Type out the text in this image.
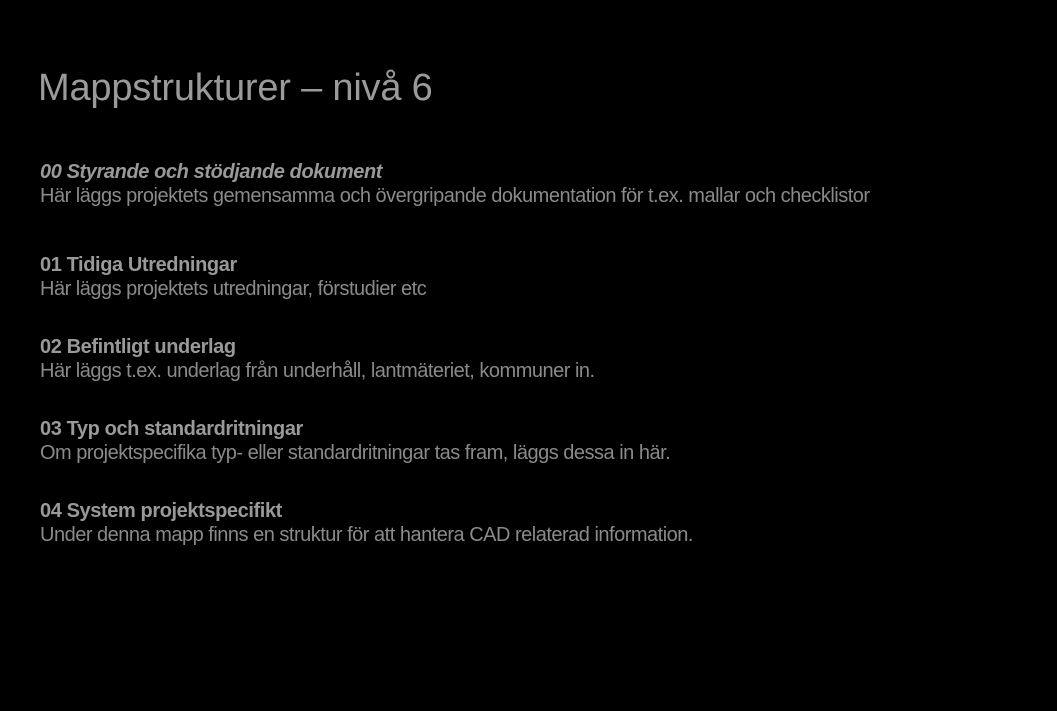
Mappstrukturer – nivå 6
00 Styrande och stödjande dokument
Här läggs projektets gemensamma och övergripande dokumentation för t.ex. mallar och checklistor
01 Tidiga Utredningar
Här läggs projektets utredningar, förstudier etc
02 Befintligt underlag
Här läggs t.ex. underlag från underhåll, lantmäteriet, kommuner in.
03 Typ och standardritningar
Om projektspecifika typ- eller standardritningar tas fram, läggs dessa in här.
04 System projektspecifikt
Under denna mapp finns en struktur för att hantera CAD relaterad information.
